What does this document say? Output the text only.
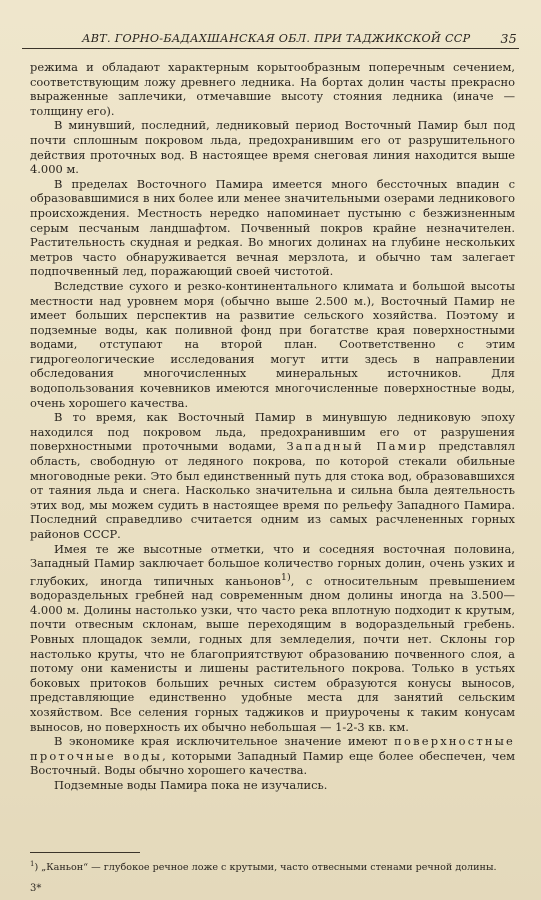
АВТ. ГОРНО-БАДАХШАНСКАЯ ОБЛ. ПРИ ТАДЖИКСКОЙ ССР 35

режима и обладают характерным корытообразным поперечным сечением, соответствующим ложу древнего ледника. На бортах долин часты прекрасно выраженные заплечики, отмечавшие высоту стояния ледника (иначе — толщину его).

В минувший, последний, ледниковый период Восточный Памир был под почти сплошным покровом льда, предохранившим его от разрушительного действия проточных вод. В настоящее время снеговая линия находится выше 4.000 м.

В пределах Восточного Памира имеется много бессточных впадин с образовавшимися в них более или менее значительными озерами ледникового происхождения. Местность нередко напоминает пустыню с безжизненным серым песчаным ландшафтом. Почвенный покров крайне незначителен. Растительность скудная и редкая. Во многих долинах на глубине нескольких метров часто обнаруживается вечная мерзлота, и обычно там залегает подпочвенный лед, поражающий своей чистотой.

Вследствие сухого и резко-континентального климата и большой высоты местности над уровнем моря (обычно выше 2.500 м.), Восточный Памир не имеет больших перспектив на развитие сельского хозяйства. Поэтому и подземные воды, как поливной фонд при богатстве края поверхностными водами, отступают на второй план. Соответственно с этим гидрогеологические исследования могут итти здесь в направлении обследования многочисленных минеральных источников. Для водопользования кочевников имеются многочисленные поверхностные воды, очень хорошего качества.

В то время, как Восточный Памир в минувшую ледниковую эпоху находился под покровом льда, предохранившим его от разрушения поверхностными проточными водами, Западный Памир представлял область, свободную от ледяного покрова, по которой стекали обильные многоводные реки. Это был единственный путь для стока вод, образовавшихся от таяния льда и снега. Насколько значительна и сильна была деятельность этих вод, мы можем судить в настоящее время по рельефу Западного Памира. Последний справедливо считается одним из самых расчлененных горных районов СССР.

Имея те же высотные отметки, что и соседняя восточная половина, Западный Памир заключает большое количество горных долин, очень узких и глубоких, иногда типичных каньонов$^{1)}$, с относительным превышением водораздельных гребней над современным дном долины иногда на 3.500—4.000 м. Долины настолько узки, что часто река вплотную подходит к крутым, почти отвесным склонам, выше переходящим в водораздельный гребень. Ровных площадок земли, годных для земледелия, почти нет. Склоны гор настолько круты, что не благоприятствуют образованию почвенного слоя, а потому они каменисты и лишены растительного покрова. Только в устьях боковых притоков больших речных систем образуются конусы выносов, представляющие единственно удобные места для занятий сельским хозяйством. Все селения горных таджиков и приурочены к таким конусам выносов, но поверхность их обычно небольшая — 1-2-3 кв. км.

В экономике края исключительное значение имеют поверхностные проточные воды, которыми Западный Памир еще более обеспечен, чем Восточный. Воды обычно хорошего качества.

Подземные воды Памира пока не изучались.

$^1$) „Каньон“ — глубокое речное ложе с крутыми, часто отвесными стенами речной долины.
3*
